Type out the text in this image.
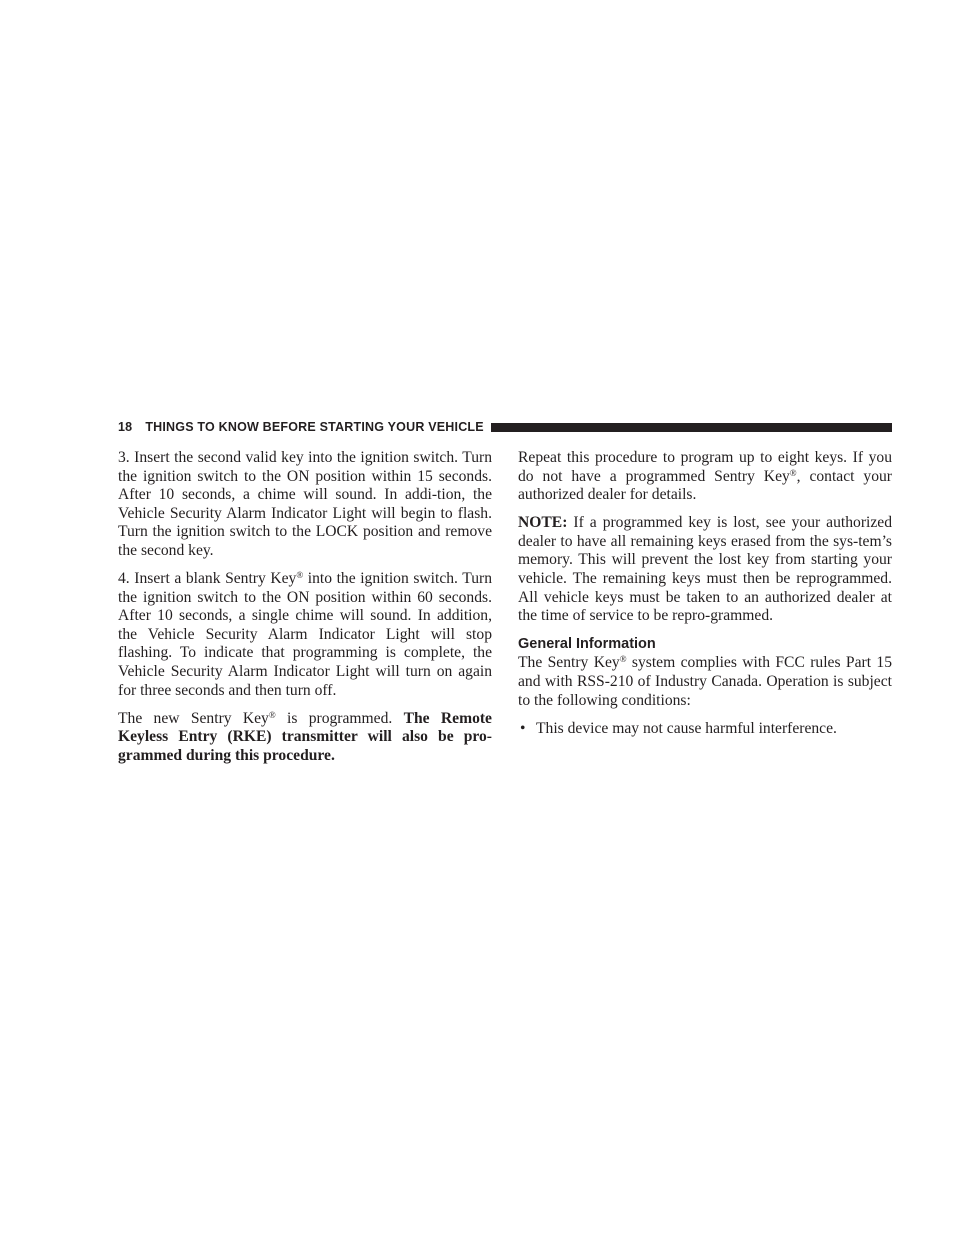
18 THINGS TO KNOW BEFORE STARTING YOUR VEHICLE

3. Insert the second valid key into the ignition switch. Turn the ignition switch to the ON position within 15 seconds. After 10 seconds, a chime will sound. In addi-tion, the Vehicle Security Alarm Indicator Light will begin to flash. Turn the ignition switch to the LOCK position and remove the second key.

4. Insert a blank Sentry Key® into the ignition switch. Turn the ignition switch to the ON position within 60 seconds. After 10 seconds, a single chime will sound. In addition, the Vehicle Security Alarm Indicator Light will stop flashing. To indicate that programming is complete, the Vehicle Security Alarm Indicator Light will turn on again for three seconds and then turn off.

The new Sentry Key® is programmed. The Remote Keyless Entry (RKE) transmitter will also be pro-grammed during this procedure.

Repeat this procedure to program up to eight keys. If you do not have a programmed Sentry Key®, contact your authorized dealer for details.

NOTE: If a programmed key is lost, see your authorized dealer to have all remaining keys erased from the sys-tem’s memory. This will prevent the lost key from starting your vehicle. The remaining keys must then be reprogrammed. All vehicle keys must be taken to an authorized dealer at the time of service to be repro-grammed.

General Information

The Sentry Key® system complies with FCC rules Part 15 and with RSS-210 of Industry Canada. Operation is subject to the following conditions:

• This device may not cause harmful interference.
